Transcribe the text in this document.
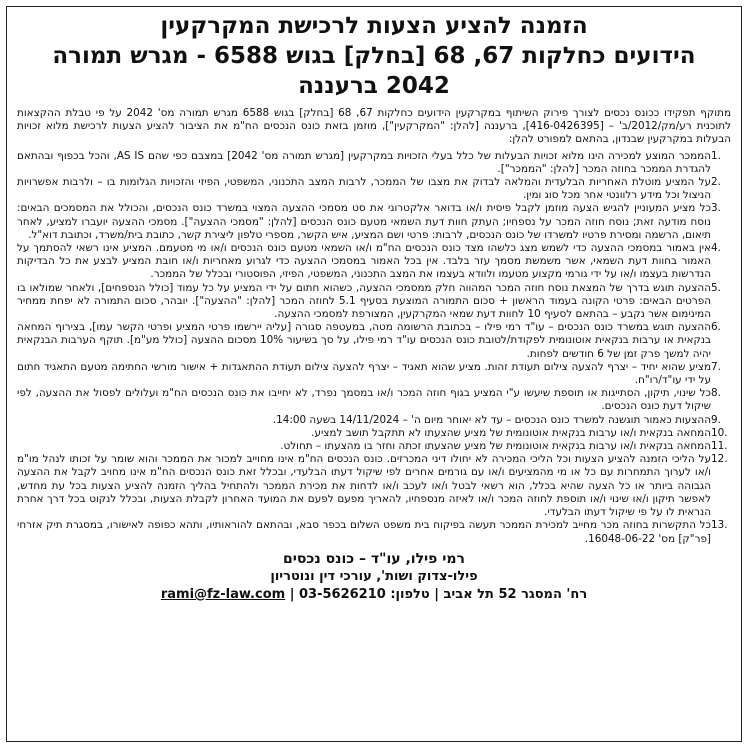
הזמנה להציע הצעות לרכישת המקרקעין
הידועים כחלקות 67, 68 [בחלק] בגוש 6588 - מגרש תמורה 2042 ברעננה

מתוקף תפקידו ככונס נכסים לצורך פירוק השיתוף במקרקעין הידועים כחלקות 67, 68 [בחלק] בגוש 6588 מגרש תמורה מס' 2042 על פי טבלת ההקצאות לתוכנית רע/מק/2012/ב' – [416-0426395], ברעננה [להלן: "המקרקעין"], מוזמן בזאת כונס הנכסים הח"מ את הציבור להציע הצעות לרכישת מלוא זכויות הבעלות במקרקעין שבנדון, בהתאם למפורט להלן:

1.
הממכר המוצע למכירה הינו מלוא זכויות הבעלות של כלל בעלי הזכויות במקרקעין [מגרש תמורה מס' 2042] במצבם כפי שהם AS IS, והכל בכפוף ובהתאם להגדרת הממכר בחוזה המכר [להלן: "הממכר"].
2.
על המציע מוטלת האחריות הבלעדית והמלאה לבדוק את מצבו של הממכר, לרבות המצב התכנוני, המשפטי, הפיזי והזכויות הגלומות בו – ולרבות אפשרויות הניצול וכל מידע רלוונטי אחר מכל סוג ומין.
3.
כל מציע המעוניין להגיש הצעה מוזמן לקבל פיסית ו/או בדואר אלקטרוני את סט מסמכי ההצעה המצוי במשרד כונס הנכסים, והכולל את המסמכים הבאים: נוסח מודעה זאת; נוסח חוזה המכר על נספחיו; העתק חוות דעת השמאי מטעם כונס הנכסים [להלן: "מסמכי ההצעה"]. מסמכי ההצעה יועברו למציע, לאחר תיאום, הרשמה ומסירת פרטיו למשרדו של כונס הנכסים, לרבות: פרטי ושם המציע, איש הקשר, מספרי טלפון ליצירת קשר, כתובת בית/משרד, וכתובת דוא"ל.
4.
אין באמור במסמכי ההצעה כדי לשמש מצג כלשהו מצד כונס הנכסים הח"מ ו/או השמאי מטעם כונס הנכסים ו/או מי מטעמם. המציע אינו רשאי להסתמך על האמור בחוות דעת השמאי, אשר משמשת מסמך עזר בלבד. אין בכל האמור במסמכי ההצעה כדי לגרוע מאחריות ו/או חובת המציע לבצע את כל הבדיקות הנדרשות בעצמו ו/או על ידי גורמי מקצוע מטעמו ולוודא בעצמו את המצב התכנוני, המשפטי, הפיזי, הפוסטורי ובכלל של הממכר.
5.
ההצעה תוגש בדרך של המצאת נוסח חוזה המכר המהווה חלק ממסמכי ההצעה, כשהוא חתום על ידי המציע על כל עמוד [כולל הנספחים], ולאחר שמולאו בו הפרטים הבאים: פרטי הקונה בעמוד הראשון + סכום התמורה המוצעת בסעיף 5.1 לחוזה המכר [להלן: "ההצעה"]. יובהר, סכום התמורה לא יפחת ממחיר המינימום אשר נקבע – בהתאם לסעיף 10 לחוות דעת שמאי המקרקעין, המצורפת למסמכי ההצעה.
6.
ההצעה תוגש במשרד כונס הנכסים – עו"ד רמי פילו – בכתובת הרשומה מטה, במעטפה סגורה [עליה יירשמו פרטי המציע ופרטי הקשר עמו], בצירוף המחאה בנקאית או ערבות בנקאית אוטונומית לפקודת/לטובת כונס הנכסים עו"ד רמי פילו, על סך בשיעור 10% מסכום ההצעה [כולל מע"מ]. תוקף הערבות הבנקאית יהיה למשך פרק זמן של 6 חודשים לפחות.
7.
מציע שהוא יחיד – יצרף להצעה צילום תעודת זהות. מציע שהוא תאגיד – יצרף להצעה צילום תעודת ההתאגדות + אישור מורשי החתימה מטעם התאגיד חתום על ידי עו"ד/רו"ח.
8.
כל שינוי, תיקון, הסתייגות או תוספת שיעשו ע"י המציע בגוף חוזה המכר ו/או במסמך נפרד, לא יחייבו את כונס הנכסים הח"מ ועלולים לפסול את ההצעה, לפי שיקול דעת כונס הנכסים.
9.
ההצעות כאמור תוגשנה למשרד כונס הנכסים – עד לא יאוחר מיום ה' – 14/11/2024 בשעה 14:00.
10.
המחאה בנקאית ו/או ערבות בנקאית אוטונומית של מציע שהצעתו לא תתקבל תושב למציע.
11.
המחאה בנקאית ו/או ערבות בנקאית אוטונומית של מציע שהצעתו זכתה וחזר בו מהצעתו – תחולט.
12.
על הליכי הזמנה להציע הצעות וכל הליכי המכירה לא יחולו דיני המכרזים. כונס הנכסים הח"מ אינו מחוייב למכור את הממכר והוא שומר על זכותו לנהל מו"מ ו/או לערוך התמחרות עם כל או מי מהמציעים ו/או עם גורמים אחרים לפי שיקול דעתו הבלעדי, ובכלל זאת כונס הנכסים הח"מ אינו מחויב לקבל את ההצעה הגבוהה ביותר או כל הצעה שהיא בכלל, הוא רשאי לבטל ו/או לעכב ו/או לדחות את מכירת הממכר ולהתחיל בהליך הזמנה להציע הצעות בכל עת מחדש, לאפשר תיקון ו/או שינוי ו/או תוספת לחוזה המכר ו/או לאיזה מנספחיו, להאריך מפעם לפעם את המועד האחרון לקבלת הצעות, ובכלל לנקוט בכל דרך אחרת הנראית לו על פי שיקול דעתו הבלעדי.
13.
כל התקשרות בחוזה מכר מחייב למכירת הממכר תעשה בפיקוח בית משפט השלום בכפר סבא, ובהתאם להוראותיו, ותהא כפופה לאישורו, במסגרת תיק אזרחי [פר"ק] מס' 16048-06-22.
רמי פילו, עו"ד – כונס נכסים
פילו-צדוק ושות', עורכי דין ונוטריון
רח' המסגר 52 תל אביב | טלפון: 03-5626210 | rami@fz-law.com
